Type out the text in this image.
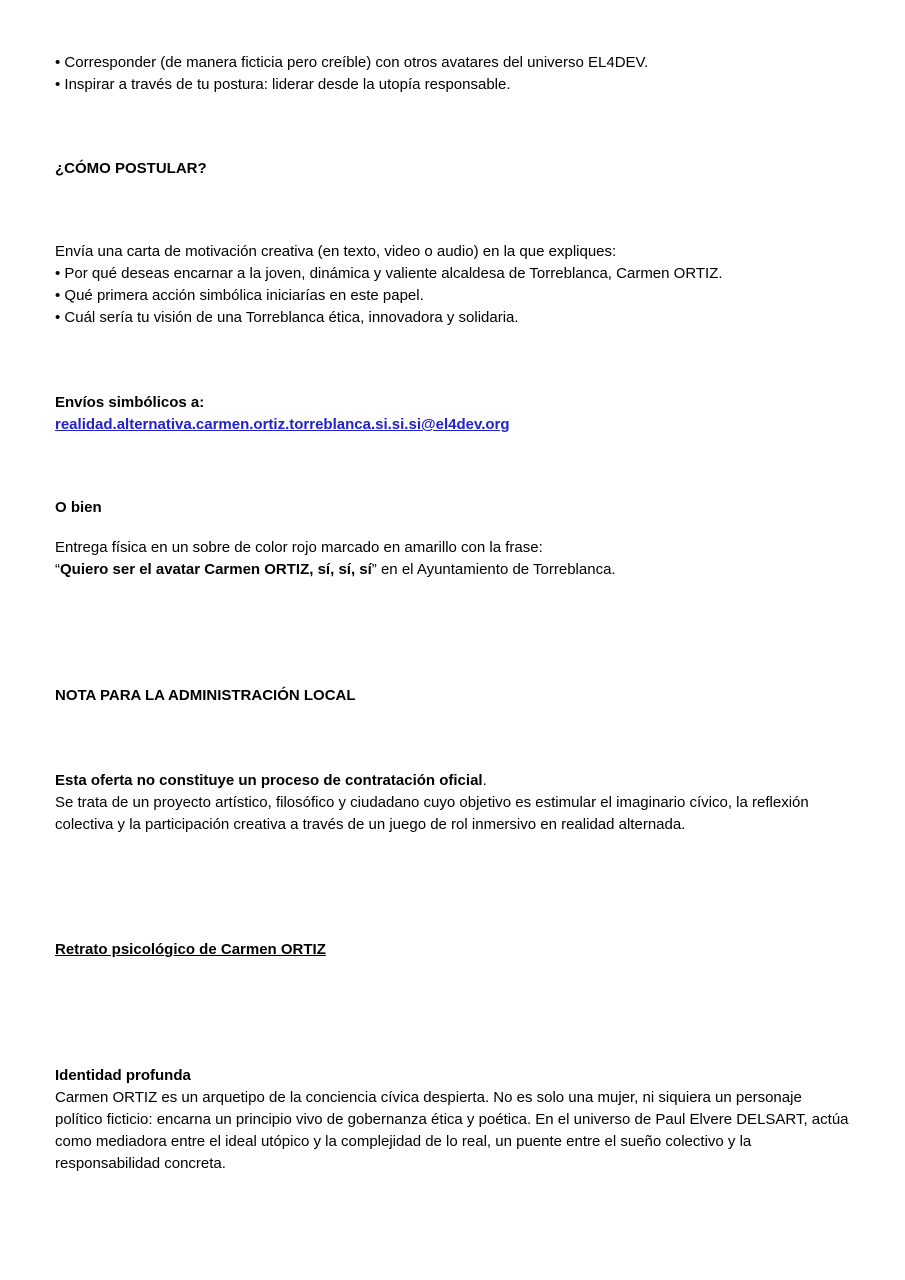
• Corresponder (de manera ficticia pero creíble) con otros avatares del universo EL4DEV.
• Inspirar a través de tu postura: liderar desde la utopía responsable.
¿CÓMO POSTULAR?
Envía una carta de motivación creativa (en texto, video o audio) en la que expliques:
• Por qué deseas encarnar a la joven, dinámica y valiente alcaldesa de Torreblanca, Carmen ORTIZ.
• Qué primera acción simbólica iniciarías en este papel.
• Cuál sería tu visión de una Torreblanca ética, innovadora y solidaria.
Envíos simbólicos a:
realidad.alternativa.carmen.ortiz.torreblanca.si.si.si@el4dev.org
O bien
Entrega física en un sobre de color rojo marcado en amarillo con la frase:
“Quiero ser el avatar Carmen ORTIZ, sí, sí, sí” en el Ayuntamiento de Torreblanca.
NOTA PARA LA ADMINISTRACIÓN LOCAL
Esta oferta no constituye un proceso de contratación oficial.
Se trata de un proyecto artístico, filosófico y ciudadano cuyo objetivo es estimular el imaginario cívico, la reflexión
colectiva y la participación creativa a través de un juego de rol inmersivo en realidad alternada.
Retrato psicológico de Carmen ORTIZ
Identidad profunda
Carmen ORTIZ es un arquetipo de la conciencia cívica despierta. No es solo una mujer, ni siquiera un personaje
político ficticio: encarna un principio vivo de gobernanza ética y poética. En el universo de Paul Elvere DELSART, actúa
como mediadora entre el ideal utópico y la complejidad de lo real, un puente entre el sueño colectivo y la
responsabilidad concreta.
